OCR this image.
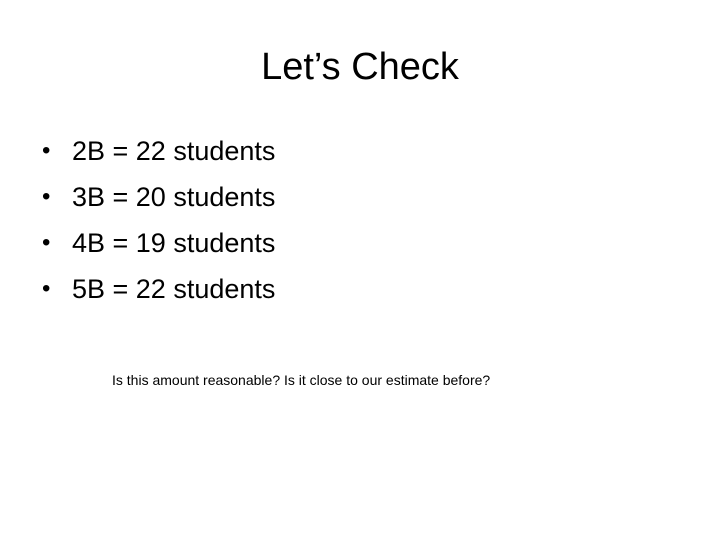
Let’s Check
• 2B = 22 students
• 3B = 20 students
• 4B = 19 students
• 5B = 22 students

Is this amount reasonable? Is it close to our estimate before?
